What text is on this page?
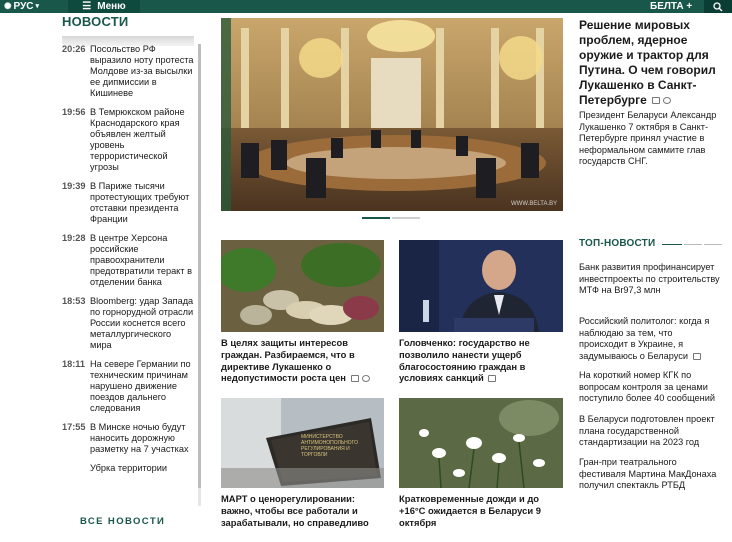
✺ РУС ▾	☰ Меню	БЕЛТА +
НОВОСТИ
20:26 Посольство РФ выразило ноту протеста Молдове из-за высылки ее дипмиссии в Кишиневе
19:56 В Темрюкском районе Краснодарского края объявлен желтый уровень террористической угрозы
19:39 В Париже тысячи протестующих требуют отставки президента Франции
19:28 В центре Херсона российские правоохранители предотвратили теракт в отделении банка
18:53 Bloomberg: удар Запада по горнорудной отрасли России коснется всего металлургического мира
18:11 На севере Германии по техническим причинам нарушено движение поездов дальнего следования
17:55 В Минске ночью будут наносить дорожную разметку на 7 участках
Убрка территории
ВСЕ НОВОСТИ
WWW.BELTA.BY
Решение мировых проблем, ядерное оружие и трактор для Путина. О чем говорил Лукашенко в Санкт-Петербурге
Президент Беларуси Александр Лукашенко 7 октября в Санкт-Петербурге принял участие в неформальном саммите глав государств СНГ.
В целях защиты интересов граждан. Разбираемся, что в директиве Лукашенко о недопустимости роста цен
Головченко: государство не позволило нанести ущерб благосостоянию граждан в условиях санкций
МИНИСТЕРСТВО АНТИМОНОПОЛЬНОГО РЕГУЛИРОВАНИЯ И ТОРГОВЛИ
МАРТ о ценорегулировании: важно, чтобы все работали и зарабатывали, но справедливо
Кратковременные дожди и до +16°С ожидается в Беларуси 9 октября
ТОП-НОВОСТИ
Банк развития профинансирует инвестпроекты по строительству МТФ на Br97,3 млн
Российский политолог: когда я наблюдаю за тем, что происходит в Украине, я задумываюсь о Беларуси
На короткий номер КГК по вопросам контроля за ценами поступило более 40 сообщений
В Беларуси подготовлен проект плана государственной стандартизации на 2023 год
Гран-при театрального фестиваля Мартина МакДонаха получил спектакль РТБД
